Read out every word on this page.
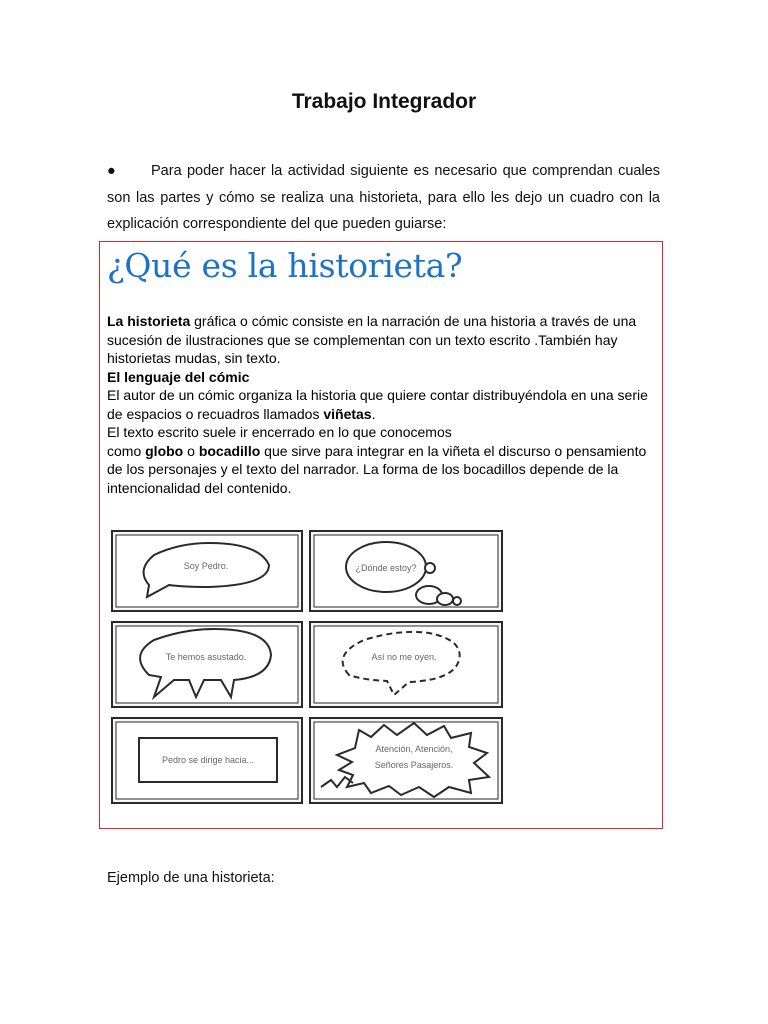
Trabajo Integrador
● Para poder hacer la actividad siguiente es necesario que comprendan cuales son las partes y cómo se realiza una historieta, para ello les dejo un cuadro con la explicación correspondiente del que pueden guiarse:
¿Qué es la historieta?

La historieta gráfica o cómic consiste en la narración de una historia a través de una sucesión de ilustraciones que se complementan con un texto escrito .También hay historietas mudas, sin texto.

El lenguaje del cómic

El autor de un cómic organiza la historia que quiere contar distribuyéndola en una serie de espacios o recuadros llamados viñetas.

El texto escrito suele ir encerrado en lo que conocemos

como globo o bocadillo que sirve para integrar en la viñeta el discurso o pensamiento de los personajes y el texto del narrador. La forma de los bocadillos depende de la intencionalidad del contenido.

Soy Pedro.	¿Dónde estoy?
Te hemos asustado.	Así no me oyen.
Pedro se dirige hacia...
Atención, Atención,
Señores Pasajeros.
Ejemplo de una historieta:
